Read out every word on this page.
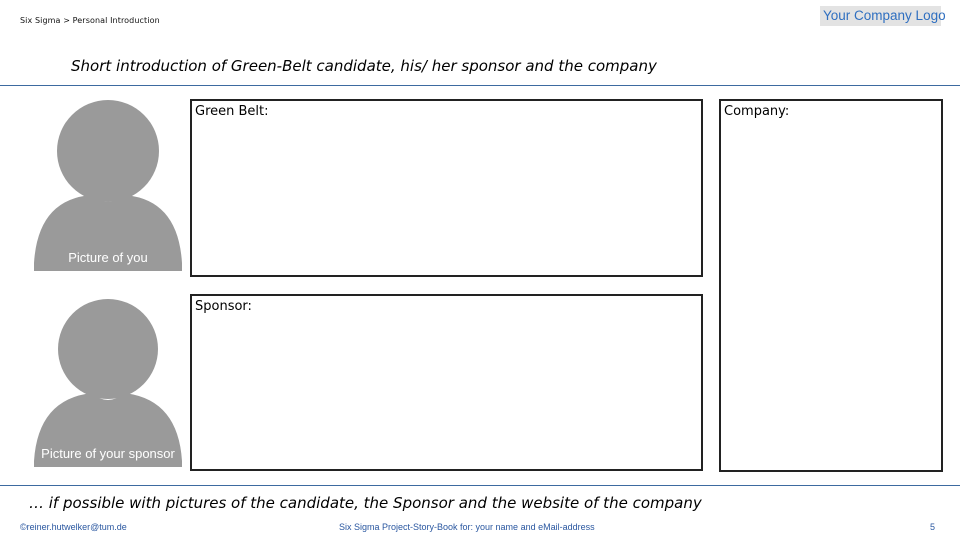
Six Sigma > Personal Introduction	Your Company Logo
Short introduction of Green-Belt candidate, his/ her sponsor and the company
Picture of you
Picture of your sponsor
Green Belt:
Sponsor:
Company:
… if possible with pictures of the candidate, the Sponsor and the website of the company
©reiner.hutwelker@tum.de	Six Sigma Project-Story-Book for: your name and eMail-address	5
